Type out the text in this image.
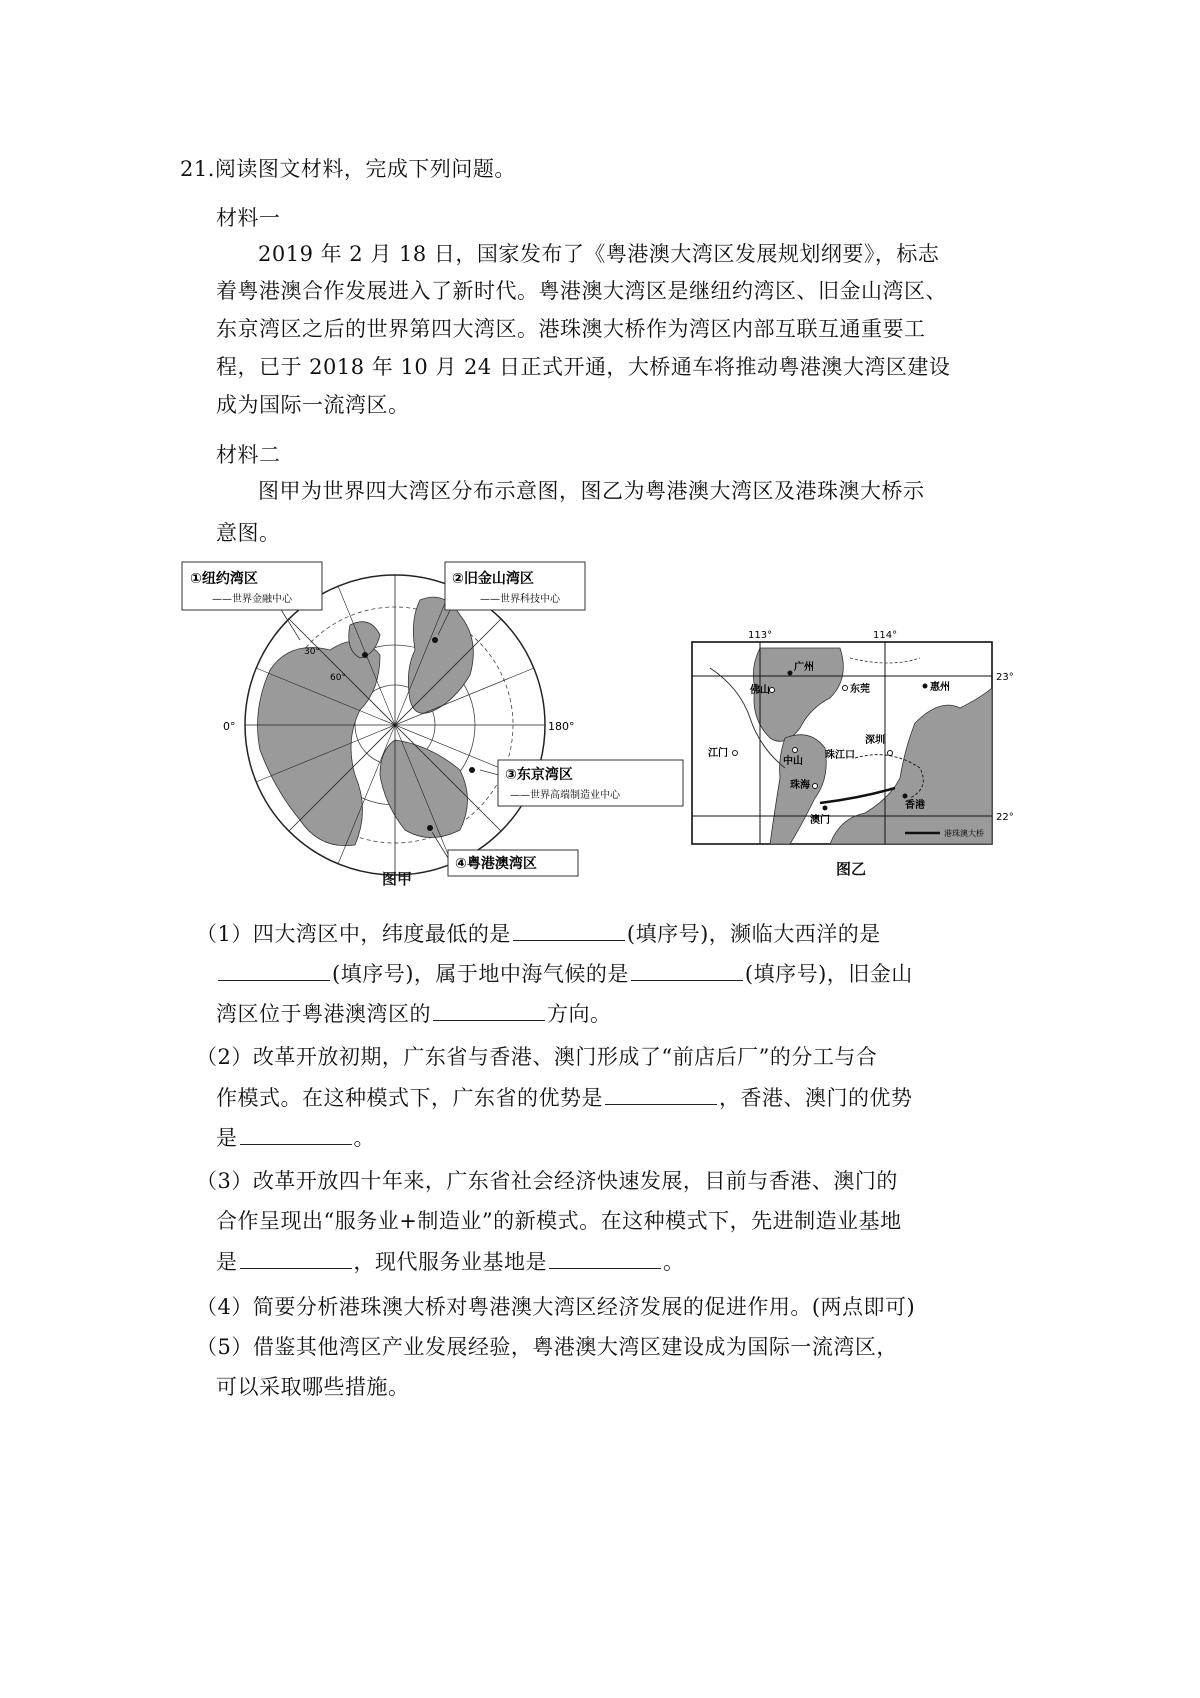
21.阅读图文材料，完成下列问题。
材料一
2019 年 2 月 18 日，国家发布了《粤港澳大湾区发展规划纲要》，标志
着粤港澳合作发展进入了新时代。粤港澳大湾区是继纽约湾区、旧金山湾区、
东京湾区之后的世界第四大湾区。港珠澳大桥作为湾区内部互联互通重要工
程，已于 2018 年 10 月 24 日正式开通，大桥通车将推动粤港澳大湾区建设
成为国际一流湾区。
材料二
图甲为世界四大湾区分布示意图，图乙为粤港澳大湾区及港珠澳大桥示
意图。
①纽约湾区
——世界金融中心
②旧金山湾区
——世界科技中心
③东京湾区
——世界高端制造业中心
④粤港澳湾区
0°	180°
30°
60°
图甲
113°	114°
23°
22°
广州
佛山	东莞	惠州
江门
中山
珠江口
深圳
珠海
澳门
香港
港珠澳大桥
图乙
（1）四大湾区中，纬度最低的是	(填序号)，濒临大西洋的是
(填序号)，属于地中海气候的是	(填序号)，旧金山
湾区位于粤港澳湾区的	方向。
（2）改革开放初期，广东省与香港、澳门形成了“前店后厂”的分工与合
作模式。在这种模式下，广东省的优势是	，香港、澳门的优势
是	。
（3）改革开放四十年来，广东省社会经济快速发展，目前与香港、澳门的
合作呈现出“服务业+制造业”的新模式。在这种模式下，先进制造业基地
是	，现代服务业基地是	。
（4）简要分析港珠澳大桥对粤港澳大湾区经济发展的促进作用。(两点即可)
（5）借鉴其他湾区产业发展经验，粤港澳大湾区建设成为国际一流湾区，
可以采取哪些措施。
